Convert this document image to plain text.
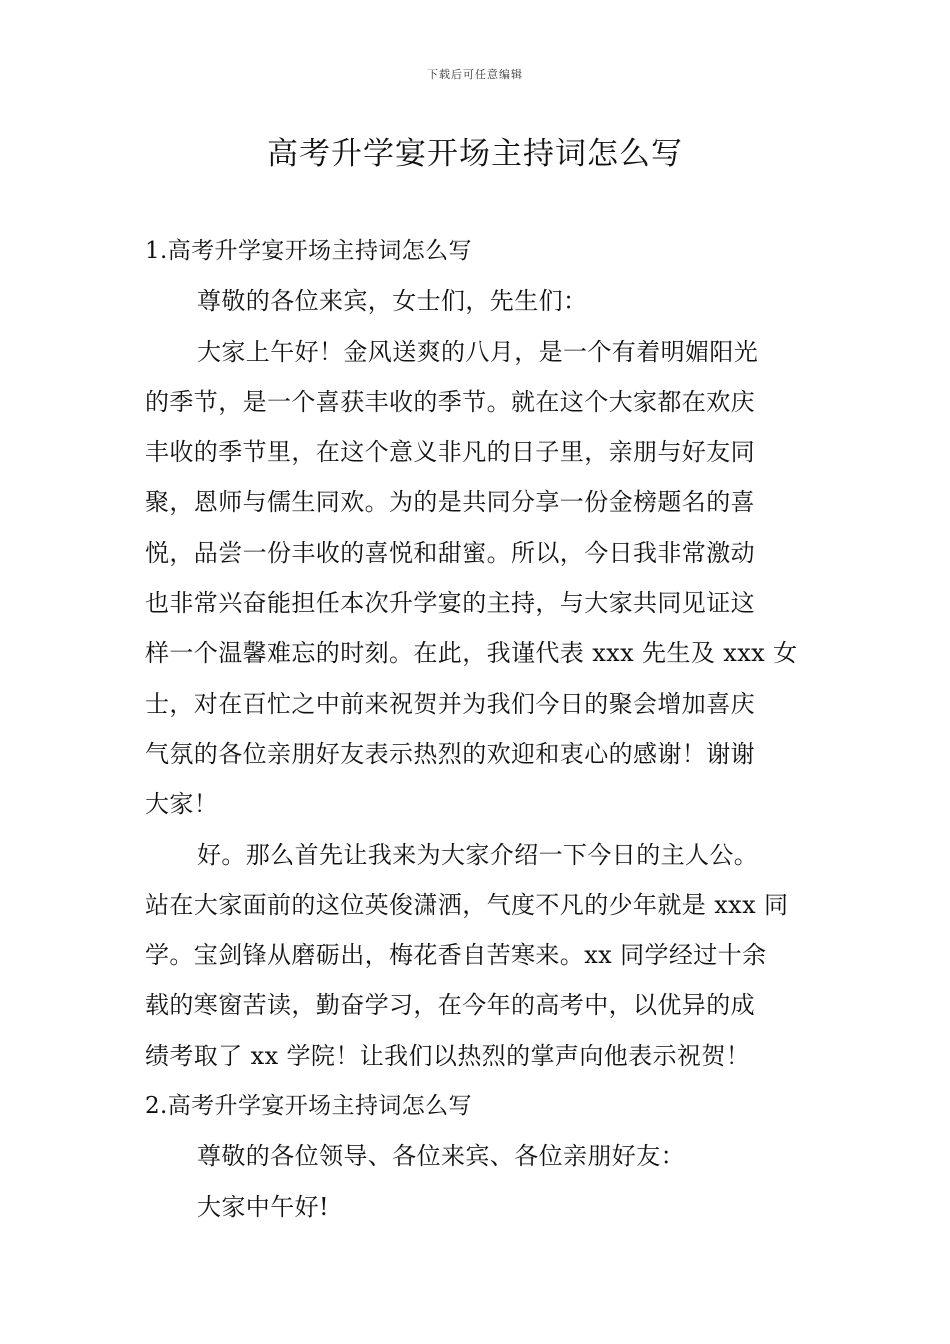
下载后可任意编辑
高考升学宴开场主持词怎么写
1.高考升学宴开场主持词怎么写
尊敬的各位来宾，女士们，先生们：
大家上午好！金风送爽的八月，是一个有着明媚阳光
的季节，是一个喜获丰收的季节。就在这个大家都在欢庆
丰收的季节里，在这个意义非凡的日子里，亲朋与好友同
聚，恩师与儒生同欢。为的是共同分享一份金榜题名的喜
悦，品尝一份丰收的喜悦和甜蜜。所以，今日我非常激动
也非常兴奋能担任本次升学宴的主持，与大家共同见证这
样一个温馨难忘的时刻。在此，我谨代表 xxx 先生及 xxx 女
士，对在百忙之中前来祝贺并为我们今日的聚会增加喜庆
气氛的各位亲朋好友表示热烈的欢迎和衷心的感谢！谢谢
大家！
好。那么首先让我来为大家介绍一下今日的主人公。
站在大家面前的这位英俊潇洒，气度不凡的少年就是 xxx 同
学。宝剑锋从磨砺出，梅花香自苦寒来。xx 同学经过十余
载的寒窗苦读，勤奋学习，在今年的高考中，以优异的成
绩考取了 xx 学院！让我们以热烈的掌声向他表示祝贺！
2.高考升学宴开场主持词怎么写
尊敬的各位领导、各位来宾、各位亲朋好友：
大家中午好!
